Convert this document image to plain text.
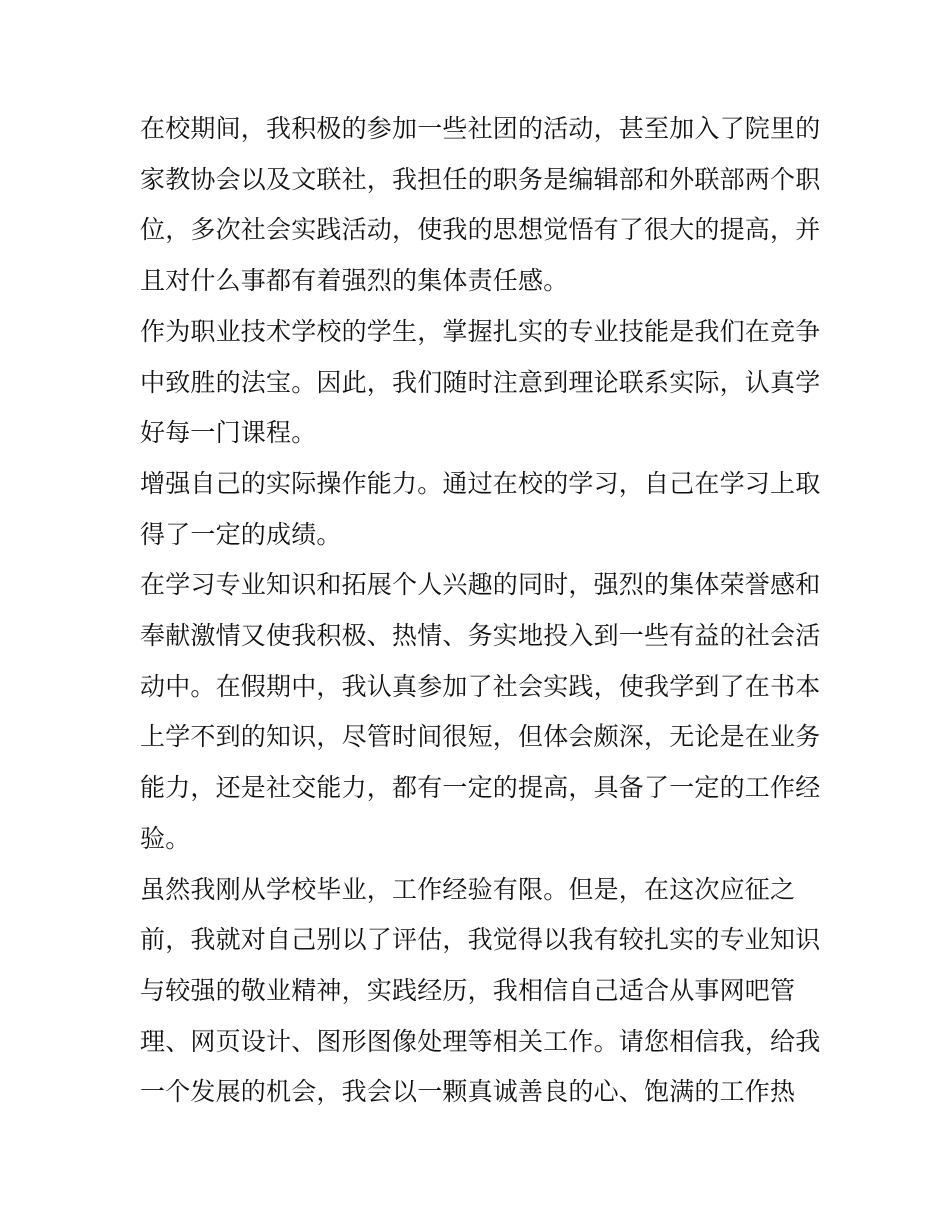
在校期间，我积极的参加一些社团的活动，甚至加入了院里的
家教协会以及文联社，我担任的职务是编辑部和外联部两个职
位，多次社会实践活动，使我的思想觉悟有了很大的提高，并
且对什么事都有着强烈的集体责任感。

作为职业技术学校的学生，掌握扎实的专业技能是我们在竞争
中致胜的法宝。因此，我们随时注意到理论联系实际，认真学
好每一门课程。

增强自己的实际操作能力。通过在校的学习，自己在学习上取
得了一定的成绩。

在学习专业知识和拓展个人兴趣的同时，强烈的集体荣誉感和
奉献激情又使我积极、热情、务实地投入到一些有益的社会活
动中。在假期中，我认真参加了社会实践，使我学到了在书本
上学不到的知识，尽管时间很短，但体会颇深，无论是在业务
能力，还是社交能力，都有一定的提高，具备了一定的工作经
验。

虽然我刚从学校毕业，工作经验有限。但是，在这次应征之
前，我就对自己别以了评估，我觉得以我有较扎实的专业知识
与较强的敬业精神，实践经历，我相信自己适合从事网吧管
理、网页设计、图形图像处理等相关工作。请您相信我，给我
一个发展的机会，我会以一颗真诚善良的心、饱满的工作热
